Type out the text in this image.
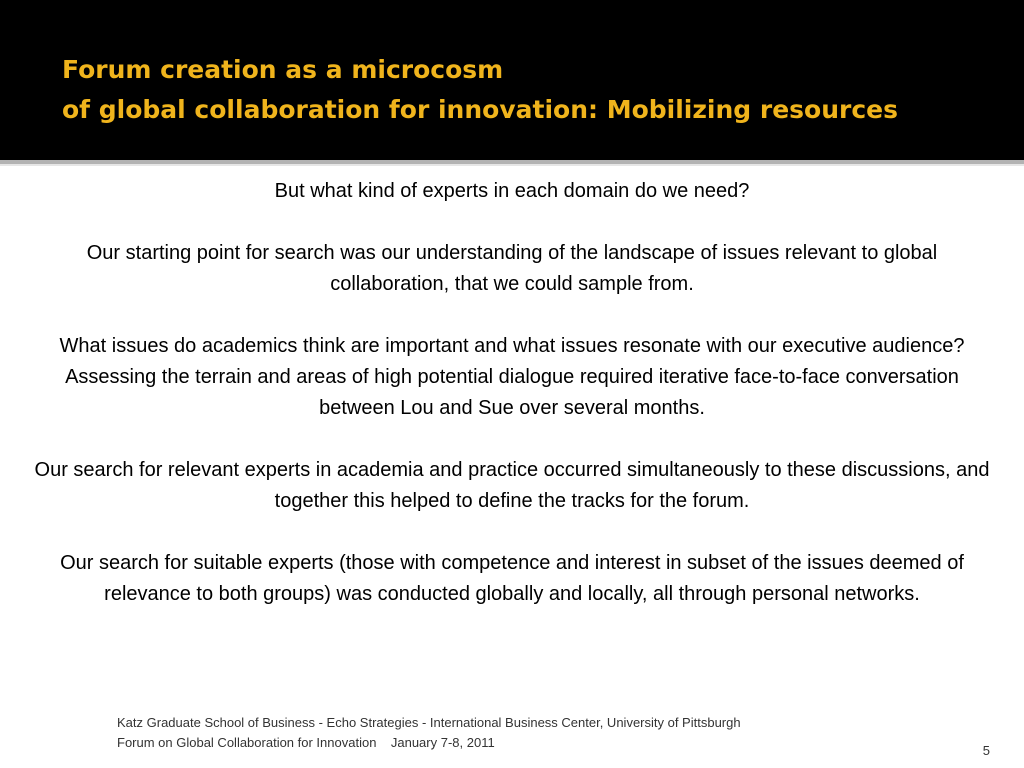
Forum creation as a microcosm
of global collaboration for innovation: Mobilizing resources

But what kind of experts in each domain do we need?

Our starting point for search was our understanding of the landscape of issues relevant to global collaboration, that we could sample from.

What issues do academics think are important and what issues resonate with our executive audience? Assessing the terrain and areas of high potential dialogue required iterative face-to-face conversation between Lou and Sue over several months.

Our search for relevant experts in academia and practice occurred simultaneously to these discussions, and together this helped to define the tracks for the forum.

Our search for suitable experts (those with competence and interest in subset of the issues deemed of relevance to both groups) was conducted globally and locally, all through personal networks.

Katz Graduate School of Business - Echo Strategies - International Business Center, University of Pittsburgh
Forum on Global Collaboration for Innovation    January 7-8, 2011
5
